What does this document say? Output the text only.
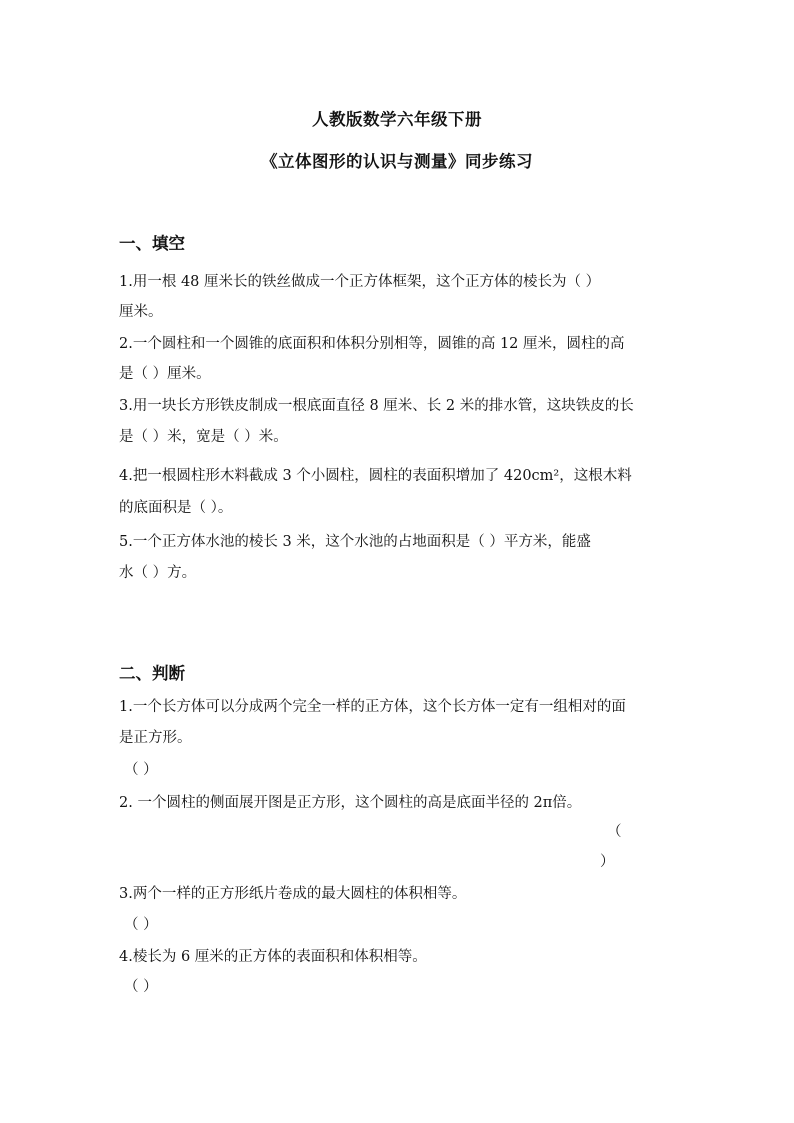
人教版数学六年级下册
《立体图形的认识与测量》同步练习
一、填空
1.用一根 48 厘米长的铁丝做成一个正方体框架，这个正方体的棱长为（ ）
厘米。
2.一个圆柱和一个圆锥的底面积和体积分别相等，圆锥的高 12 厘米，圆柱的高
是（ ）厘米。
3.用一块长方形铁皮制成一根底面直径 8 厘米、长 2 米的排水管，这块铁皮的长
是（ ）米，宽是（ ）米。
4.把一根圆柱形木料截成 3 个小圆柱，圆柱的表面积增加了 420cm²，这根木料
的底面积是（ ）。
5.一个正方体水池的棱长 3 米，这个水池的占地面积是（ ）平方米，能盛
水（ ）方。
二、判断
1.一个长方体可以分成两个完全一样的正方体，这个长方体一定有一组相对的面
是正方形。
（ ）
2. 一个圆柱的侧面展开图是正方形，这个圆柱的高是底面半径的 2π倍。
（
）
3.两个一样的正方形纸片卷成的最大圆柱的体积相等。
（ ）
4.棱长为 6 厘米的正方体的表面积和体积相等。
（ ）
